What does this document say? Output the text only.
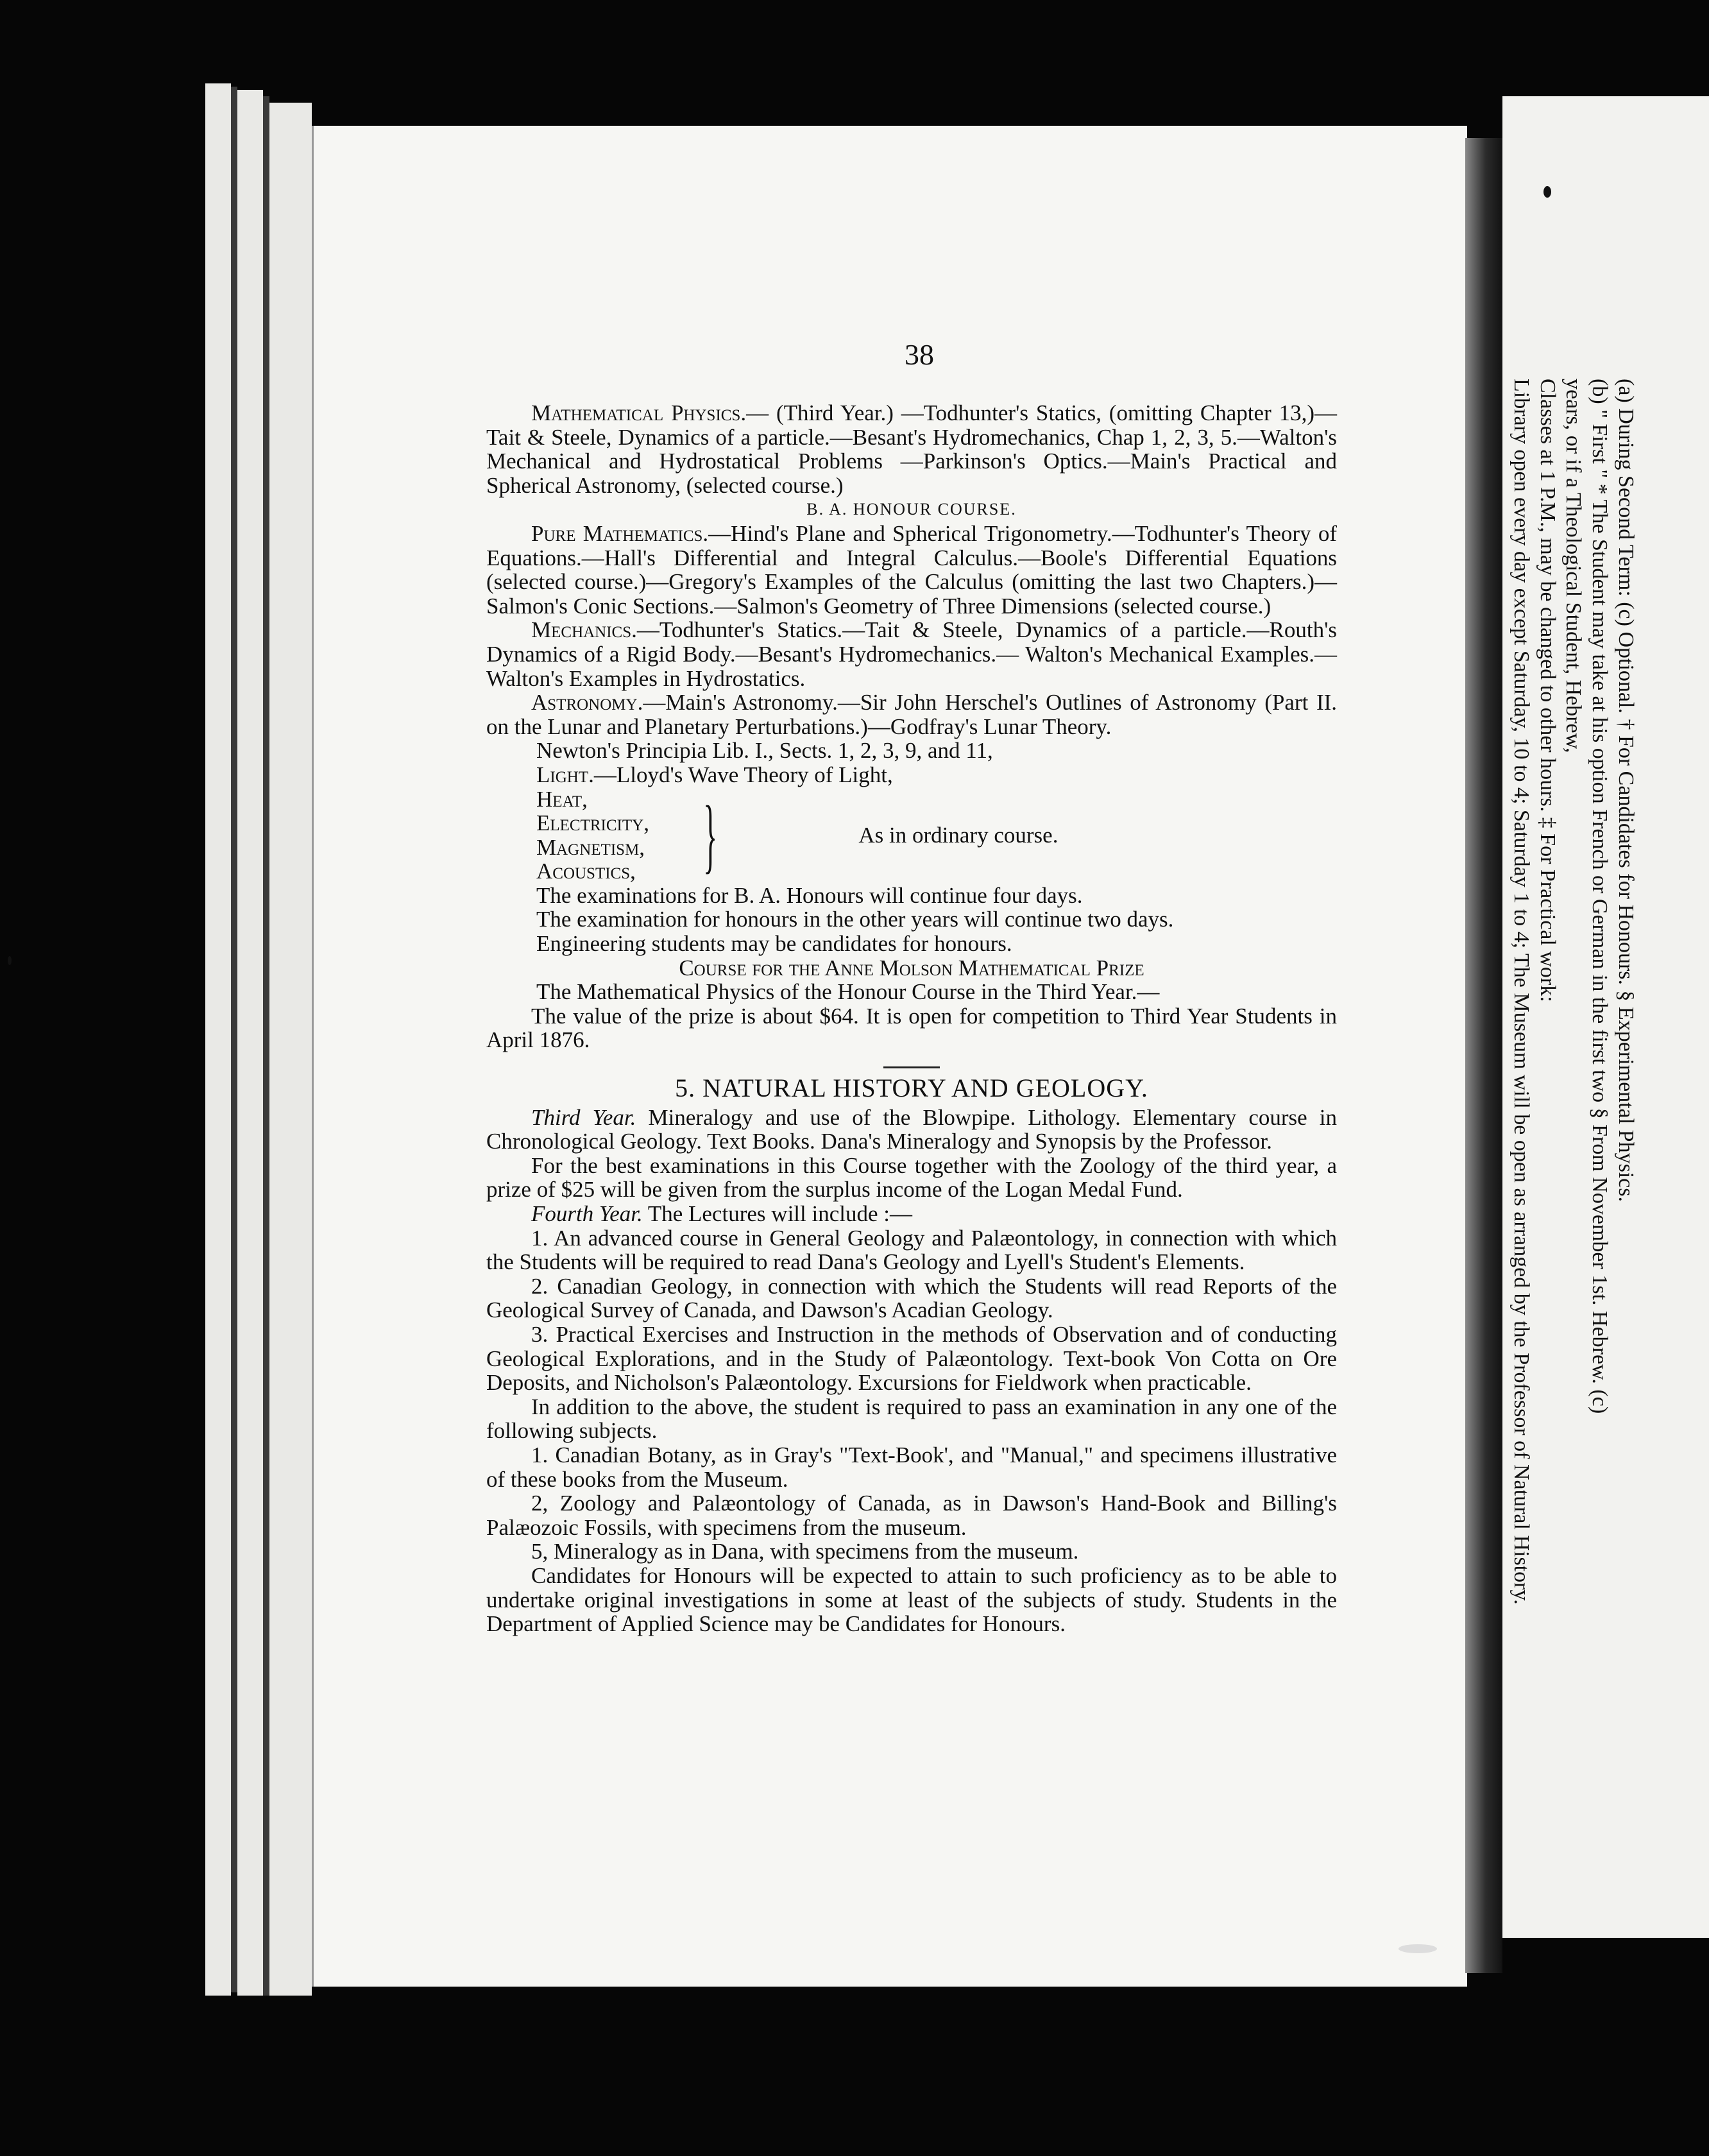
(a) During Second Term: (c) Optional. † For Candidates for Honours. § Experimental Physics.
(b) " First " * The Student may take at his option French or German in the first two § From November 1st. Hebrew. (c)
years, or if a Theological Student, Hebrew,
Classes at 1 P.M., may be changed to other hours. ‡ For Practical work:
Library open every day except Saturday, 10 to 4; Saturday 1 to 4; The Museum will be open as arranged by the Professor of Natural History.
38

Mathematical Physics.— (Third Year.) —Todhunter's Statics, (omitting Chapter 13,)—Tait & Steele, Dynamics of a particle.—Besant's Hydromechanics, Chap 1, 2, 3, 5.—Walton's Mechanical and Hydrostatical Problems —Parkinson's Optics.—Main's Practical and Spherical Astronomy, (selected course.)

B. A. HONOUR COURSE.

Pure Mathematics.—Hind's Plane and Spherical Trigonometry.—Todhunter's Theory of Equations.—Hall's Differential and Integral Calculus.—Boole's Differential Equations (selected course.)—Gregory's Examples of the Calculus (omitting the last two Chapters.)—Salmon's Conic Sections.—Salmon's Geometry of Three Dimensions (selected course.)

Mechanics.—Todhunter's Statics.—Tait & Steele, Dynamics of a particle.—Routh's Dynamics of a Rigid Body.—Besant's Hydromechanics.— Walton's Mechanical Examples.—Walton's Examples in Hydrostatics.

Astronomy.—Main's Astronomy.—Sir John Herschel's Outlines of Astronomy (Part II. on the Lunar and Planetary Perturbations.)—Godfray's Lunar Theory.

Newton's Principia Lib. I., Sects. 1, 2, 3, 9, and 11,

Light.—Lloyd's Wave Theory of Light,

Heat,
Electricity,
Magnetism,
Acoustics, }	As in ordinary course.

The examinations for B. A. Honours will continue four days.

The examination for honours in the other years will continue two days.

Engineering students may be candidates for honours.

Course for the Anne Molson Mathematical Prize

The Mathematical Physics of the Honour Course in the Third Year.—

The value of the prize is about $64. It is open for competition to Third Year Students in April 1876.

5. NATURAL HISTORY AND GEOLOGY.

Third Year. Mineralogy and use of the Blowpipe. Lithology. Elementary course in Chronological Geology. Text Books. Dana's Mineralogy and Synopsis by the Professor.

For the best examinations in this Course together with the Zoology of the third year, a prize of $25 will be given from the surplus income of the Logan Medal Fund.

Fourth Year. The Lectures will include :—

1. An advanced course in General Geology and Palæontology, in connection with which the Students will be required to read Dana's Geology and Lyell's Student's Elements.

2. Canadian Geology, in connection with which the Students will read Reports of the Geological Survey of Canada, and Dawson's Acadian Geology.

3. Practical Exercises and Instruction in the methods of Observation and of conducting Geological Explorations, and in the Study of Palæontology. Text-book Von Cotta on Ore Deposits, and Nicholson's Palæontology. Excursions for Fieldwork when practicable.

In addition to the above, the student is required to pass an examination in any one of the following subjects.

1. Canadian Botany, as in Gray's "Text-Book', and "Manual," and specimens illustrative of these books from the Museum.

2, Zoology and Palæontology of Canada, as in Dawson's Hand-Book and Billing's Palæozoic Fossils, with specimens from the museum.

5, Mineralogy as in Dana, with specimens from the museum.

Candidates for Honours will be expected to attain to such proficiency as to be able to undertake original investigations in some at least of the subjects of study. Students in the Department of Applied Science may be Candidates for Honours.
